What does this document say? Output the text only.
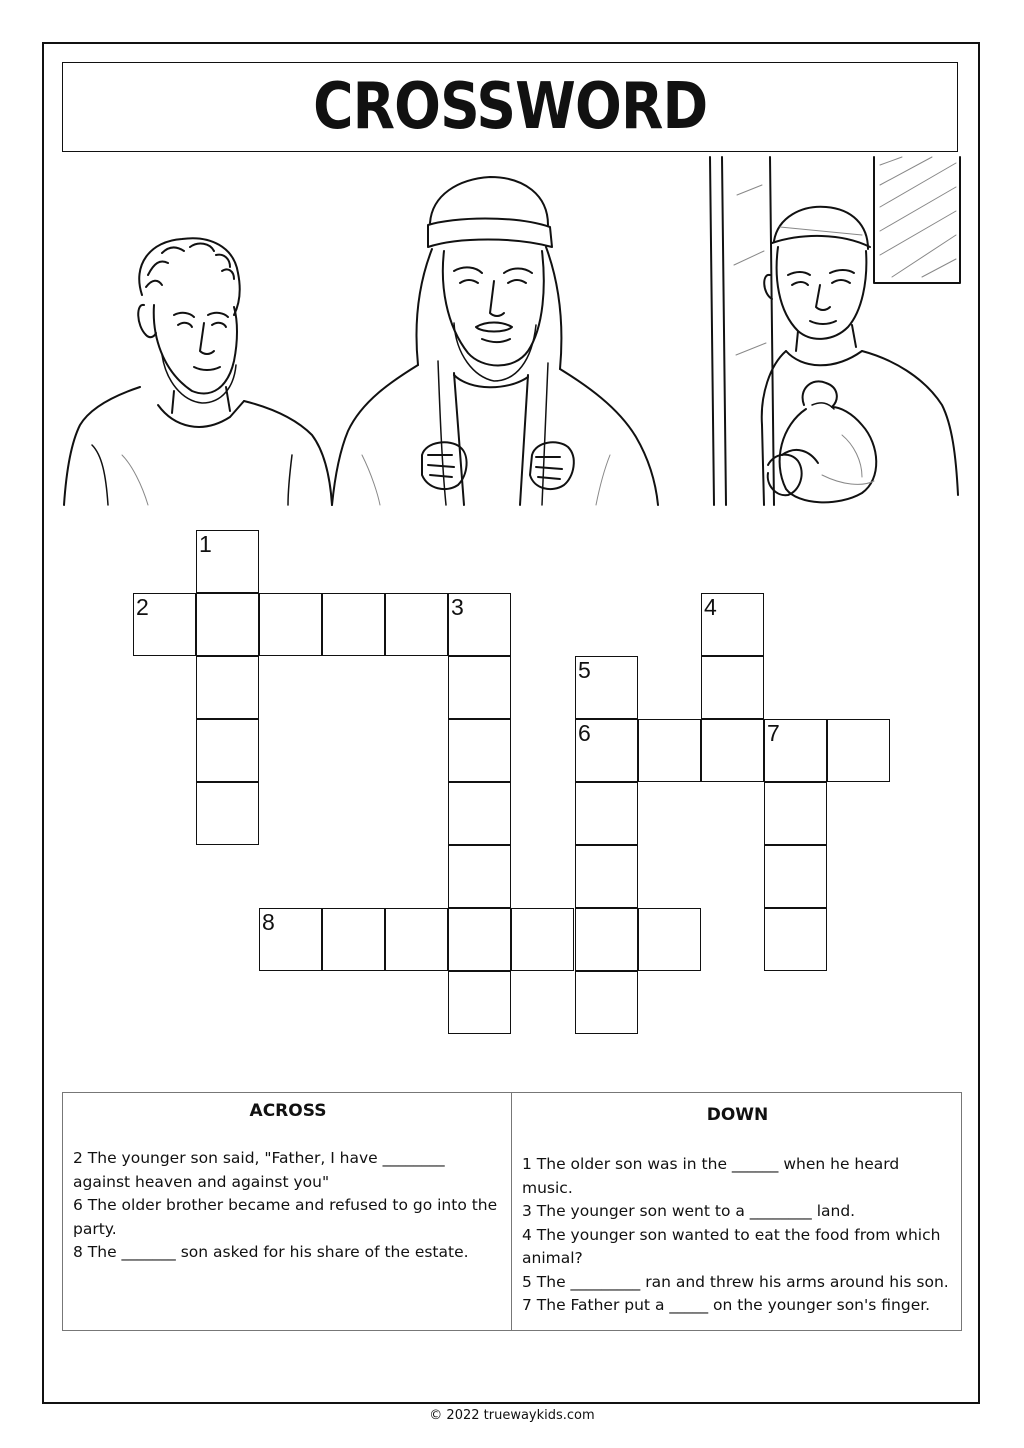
CROSSWORD
1
2	3	4
5
6	7
8
ACROSS

2 The younger son said, "Father, I have ________ against heaven and against you"

6 The older brother became and refused to go into the party.

8 The _______ son asked for his share of the estate.

DOWN

1 The older son was in the ______ when he heard music.

3 The younger son went to a ________ land.

4 The younger son wanted to eat the food from which animal?

5 The _________ ran and threw his arms around his son.

7 The Father put a _____ on the younger son's finger.

© 2022 truewaykids.com
